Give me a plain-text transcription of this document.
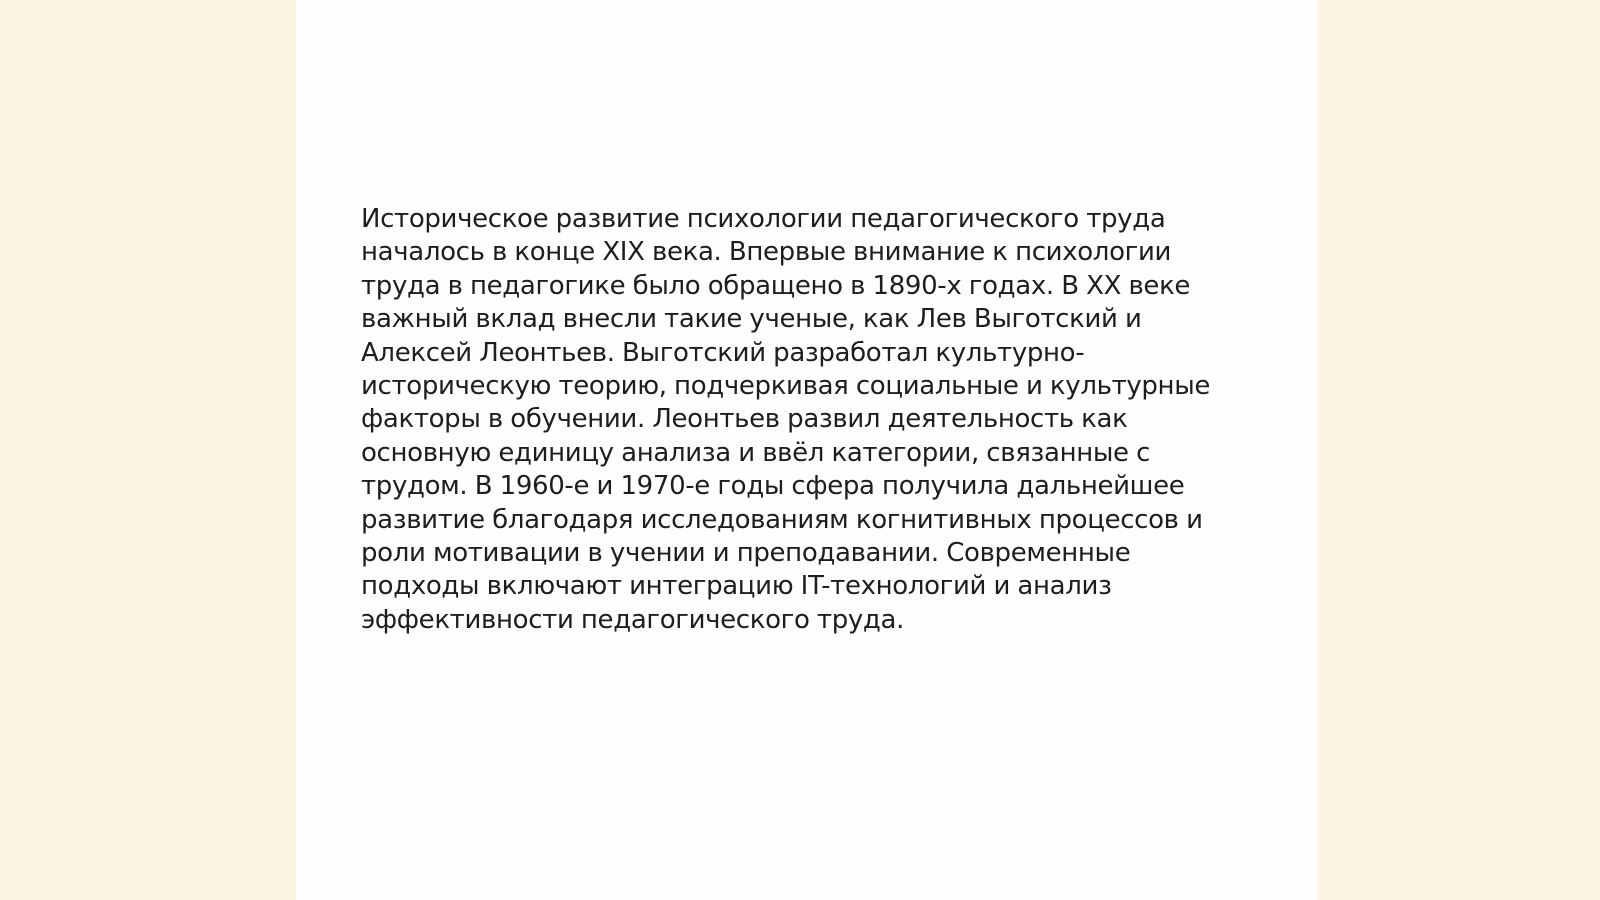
Историческое развитие психологии педагогического труда
началось в конце XIX века. Впервые внимание к психологии
труда в педагогике было обращено в 1890-х годах. В XX веке
важный вклад внесли такие ученые, как Лев Выготский и
Алексей Леонтьев. Выготский разработал культурно-
историческую теорию, подчеркивая социальные и культурные
факторы в обучении. Леонтьев развил деятельность как
основную единицу анализа и ввёл категории, связанные с
трудом. В 1960-е и 1970-е годы сфера получила дальнейшее
развитие благодаря исследованиям когнитивных процессов и
роли мотивации в учении и преподавании. Современные
подходы включают интеграцию IT-технологий и анализ
эффективности педагогического труда.
